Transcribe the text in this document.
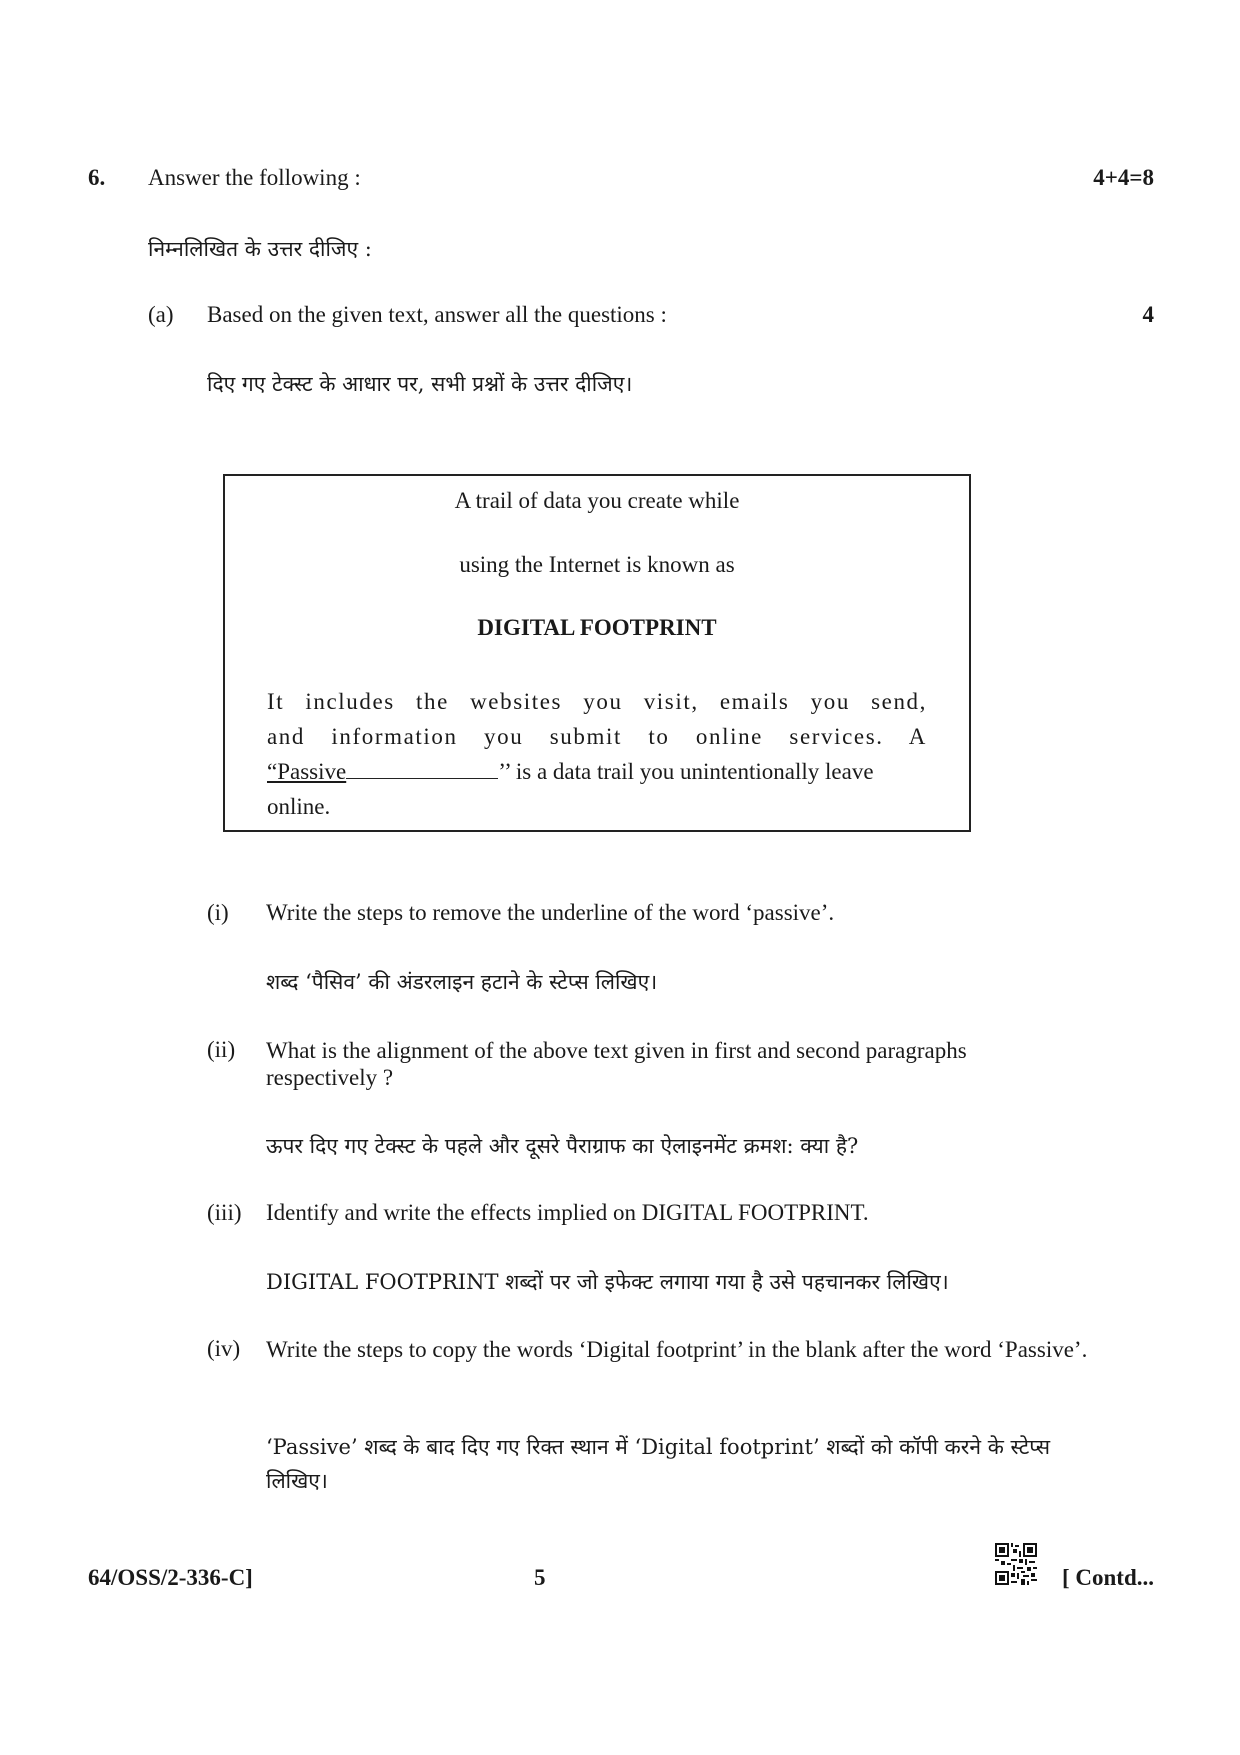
6. Answer the following :	4+4=8
निम्नलिखित के उत्तर दीजिए :
(a) Based on the given text, answer all the questions :	4
दिए गए टेक्स्ट के आधार पर, सभी प्रश्नों के उत्तर दीजिए।
A trail of data you create while
using the Internet is known as
DIGITAL FOOTPRINT
It includes the websites you visit, emails you send,
and information you submit to online services. A
“Passive	’’ is a data trail you unintentionally leave
online.
(i) Write the steps to remove the underline of the word ‘passive’.
शब्द ‘पैसिव’ की अंडरलाइन हटाने के स्टेप्स लिखिए।
(ii) What is the alignment of the above text given in first and second paragraphs respectively ?
ऊपर दिए गए टेक्स्ट के पहले और दूसरे पैराग्राफ का ऐलाइनमेंट क्रमश: क्या है?
(iii) Identify and write the effects implied on DIGITAL FOOTPRINT.
DIGITAL FOOTPRINT शब्दों पर जो इफेक्ट लगाया गया है उसे पहचानकर लिखिए।
(iv) Write the steps to copy the words ‘Digital footprint’ in the blank after the word ‘Passive’.
‘Passive’ शब्द के बाद दिए गए रिक्त स्थान में ‘Digital footprint’ शब्दों को कॉपी करने के स्टेप्स लिखिए।
64/OSS/2-336-C]	5	[ Contd...
